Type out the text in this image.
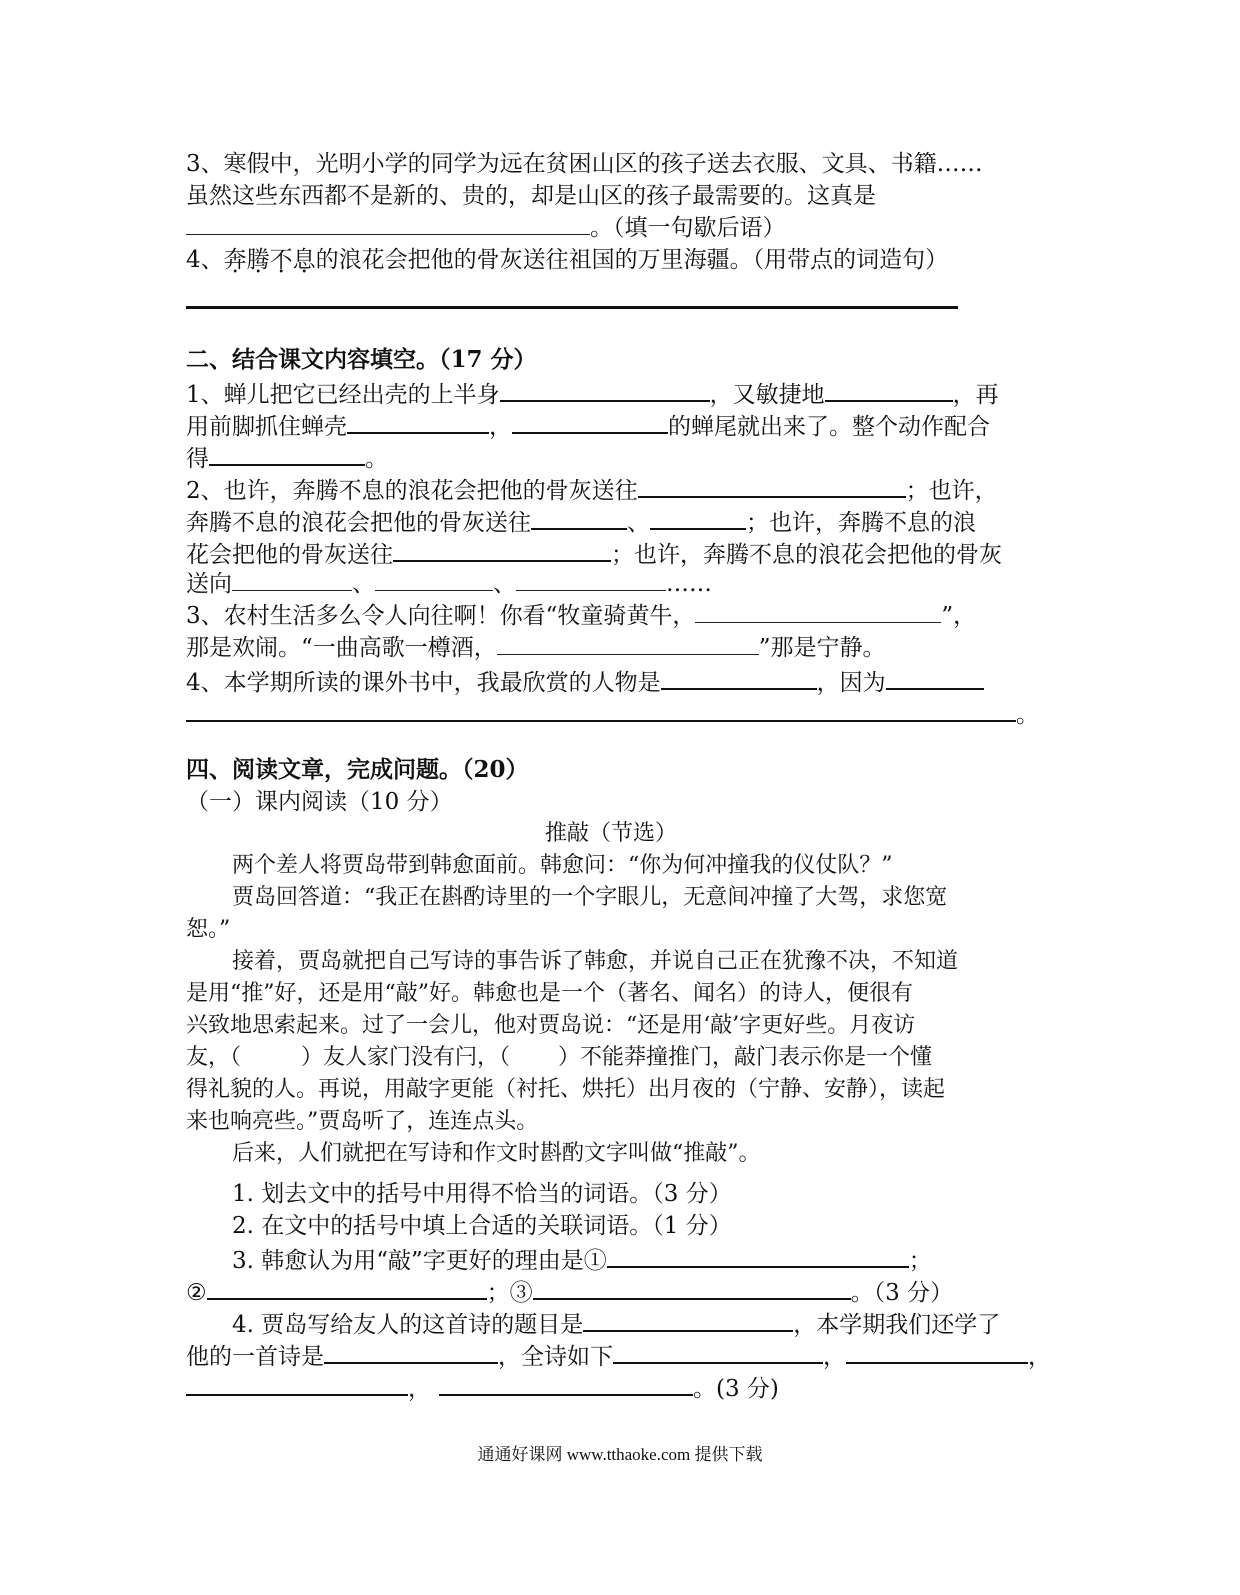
3、寒假中，光明小学的同学为远在贫困山区的孩子送去衣服、文具、书籍……
虽然这些东西都不是新的、贵的，却是山区的孩子最需要的。这真是
。（填一句歇后语）
4、奔腾不息的浪花会把他的骨灰送往祖国的万里海疆。（用带点的词造句）
二、结合课文内容填空。（17 分）
1、蝉儿把它已经出壳的上半身	，又敏捷地	，再
用前脚抓住蝉壳	，	的蝉尾就出来了。整个动作配合
得	。
2、也许，奔腾不息的浪花会把他的骨灰送往	；也许，
奔腾不息的浪花会把他的骨灰送往	、	；也许，奔腾不息的浪
花会把他的骨灰送往	；也许，奔腾不息的浪花会把他的骨灰
送向	、	、	……
3、农村生活多么令人向往啊！你看“牧童骑黄牛，	”，
那是欢闹。“一曲高歌一樽酒，	”那是宁静。
4、本学期所读的课外书中，我最欣赏的人物是	，因为
。
四、阅读文章，完成问题。（20）
（一）课内阅读（10 分）
推敲（节选）
两个差人将贾岛带到韩愈面前。韩愈问：“你为何冲撞我的仪仗队？”
贾岛回答道：“我正在斟酌诗里的一个字眼儿，无意间冲撞了大驾，求您宽
恕。”
接着，贾岛就把自己写诗的事告诉了韩愈，并说自己正在犹豫不决，不知道
是用“推”好，还是用“敲”好。韩愈也是一个（著名、闻名）的诗人，便很有
兴致地思索起来。过了一会儿，他对贾岛说：“还是用‘敲’字更好些。月夜访
友，（	）友人家门没有闩，（ ）不能莽撞推门，敲门表示你是一个懂
得礼貌的人。再说，用敲字更能（衬托、烘托）出月夜的（宁静、安静），读起
来也响亮些。”贾岛听了，连连点头。
后来，人们就把在写诗和作文时斟酌文字叫做“推敲”。
1. 划去文中的括号中用得不恰当的词语。（3 分）
2. 在文中的括号中填上合适的关联词语。（1 分）
3. 韩愈认为用“敲”字更好的理由是①	；
②	；③	。（3 分）
4. 贾岛写给友人的这首诗的题目是	，本学期我们还学了
他的一首诗是	，全诗如下	，	，
，	。(3 分)
通通好课网 www.tthaoke.com 提供下载
